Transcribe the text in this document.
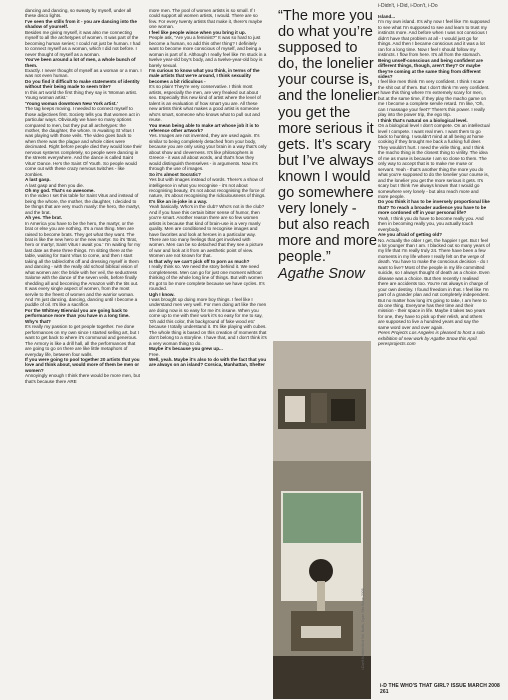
i-Didn't, i-Did, i-Don't, i-Do

dancing and dancing, so sweaty by myself, under all these disco lights.

I've seen the stills from it - you are dancing into the shadow of yourself.

Besides me giving myself, it was also me connecting myself to all the archetypes of women. It was part of the becoming human series; I could not just be human. I had to connect myself as a woman, which I did not before. I never thought of myself as a woman.

You've been around a lot of men, a whole bunch of them.

Exactly. I never thought of myself as a woman or a man. I was not even human.

Do you find it difficult to make statements of identity without their being made to seem trite?

In this art world the first thing they say is 'Woman artist. Young woman artist.'

'Young woman downtown New York artist.'

The tag keeps moving. I needed to connect myself to those adjectives first. Society tells you that women act in particular ways. Obviously we have so many options compared to men, but they put all archetypes: the mother, the daughter, the whore. In Awaiting St Vitus I was playing with those veils. The video goes back to when there was the plague and whole cities were decimated. Right before people died they would lose their nervous systems completely, so people were dancing in the streets everywhere. And the dance is called Saint Vitus' Dance. He's the Saint Of Youth. So people would come out with these crazy nervous twitches - like zombies.

A last gasp.

A last gasp and then you die.

Oh my god. That's so awesome.

In the video I set this table for Saint Vitus and instead of being the whore, the mother, the daughter, I decided to be things that are very much manly: the hero, the martyr, and the brat.

Ah yes. The brat.

In America you have to be the hero, the martyr, or the brat or else you are nothing. It's a man thing. Men are raised to become brats. They get what they want. The brat is like the new hero or the new martyr. So it's 'Brat, hero or martyr, Saint Vitus I await you.' I'm waiting for my last date as these three things. I'm sitting there at the table, waiting for Saint Vitus to come, and then I start taking all the tablecloths off and dressing myself in them and dancing - with the really old school biblical vision of what women are: the bride with her veil, the seductress Salome with the dance of the seven veils, before finally shedding all and becoming the Amazon with the tits out. It was every single aspect of women, from the most servile to the freest of women and the warrior woman. And I'm just dancing, dancing, dancing until I become a puddle of oil. It's like a sacrifice.

For the Whitney Biennial you are going back to performance more than you have in a long time. Why's that?

It's really my passion to get people together. I've done performances on my own since I started selling art, but I want to get back to where it's communal and generous. The Armory is like a drill hall, all the performances that are going to go on there are like little metaphors of everyday life, between four walls.

If you were going to pool together 20 artists that you love and think about, would more of them be men or women?

Annoyingly enough I think there would be more men, but that's because there ARE

more men. The pool of women artists is so small. If I could support all women artists, I would. There are so few. For every twenty artists that make it, there's maybe one woman.

I feel like people wince when you bring it up.

People ask, "Are you a feminist?" It was so hard to just become a human, so add this other thing? I definitely want to become more conscious of myself, and being a woman is part of it. Although I really feel like I'm stuck in a twelve year-old boy's body, and a twelve-year-old boy is barely sexual.

I'm curious to know what you think, in terms of the male artists that we're around, I think sexuality becomes a bit ridiculous -

It's so plain! They're very conservative. I think most artists, especially the men, are very freaked out about sex. Especially this new kind of artist where the level of talent is an evaluation of how smart you are. All these new artists think what makes a good artist is someone who's smart, someone who knows what to pull out and reuse.

You mean being able to make art whose job it is to reference other artwork?

Yes. Images are not invented, they are used again. It's similar to being completely detached from your body, because you are only using your brain in a way that's only about show and cleverness. It's like philosophers in Greece - it was all about words, and that's how they would distinguish themselves - in arguments. Now it's through the use of images.

So it's almost Socratic?

Yes but with images instead of words. There's a show of intelligence in what you recognise - it's not about recognising beauty, it's not about recognising the force of nature, it's about recognising the ridiculousness of things.

It's like an in-joke in a way.

Yeah basically. Who's in the club? Who's not in the club? And if you have this certain bitter sense of humor, then you're smart. Another reason there are so few women artists is because that kind of brain-use is a very manly quality. Men are conditioned to recognise images and have favorites and look at heroes in a particular way. There are too many feelings that get involved with women. Men can be so detached that they see a picture of war and look at it from an aesthetic point of view. Women are not known for that.

Is that why we can't pick off to porn as much?

I really think so. We need the story behind it. We need completeness. Men can go for just one moment without thinking of the whole long line of things. But with women it's got to be more complete because we have cycles. It's rounded.

Ugh I know.

I was brought up doing more boy things. I feel like I understand men very well. For men doing art like the men are doing now is so easy for me it's insane. When you come up to me with their work it's so easy for me to say, 'Oh add this color, this background of fake wood etc' because I totally understand it. It's like playing with cubes. The whole thing is based on this creation of moments that don't belong to a storyline. I have that, and I don't think it's a very woman thing to do.

Maybe it's because you grew up...

Free.

Well, yeah. Maybe it's also to do with the fact that you are always on an island? Corsica, Manhattan, Shelter

“The more you do what you’re supposed to do, the lonelier your course is, and the lonelier you get the more serious it gets. It’s scary but I’ve always known I would go somewhere very lonely - but also reach more and more people.”

Agathe Snow
i-Don't Knitted Bird Vol. Bolts, Cyan Sits Bone 2008

Island...

I'm my own island. It's why now I feel like I'm supposed to see what I'm supposed to see and learn to trust my instincts more. And before when I was not conscious I didn't have that problem at all - I would just go for things. And then I became conscious and it was a lot ran for a long time. Now I feel I should follow my instincts. I flow from here. It's all from the stomach.

Being unself-conscious and being confident are different things, though, aren't they? Or maybe they're coming at the same thing from different sides?

I feel like men think I'm very confident. I think I scare the shit out of them. But I don't think I'm very confident. I have this thing where I'm extremely scary for men, but at the same time, if they play the macho game on me I become a complete servile retard. I'm like, 'Oh, can I massage your feet?' There's this power. I really play into the power trip, the ego trip.

I think that's natural on a biological level.

On a biological level I don't compete. On an intellectual level I compete. I want real men. I want them to go back to hunting. I wouldn't mind at all being at home cooking if they brought me back a fucking full deer. They wouldn't hurt. I need the virile thing, and I think the macho thing is the closest thing to virility. The idea of me as muse is because I am so close to them. The only way to accept that is to make me muse or servant. Yeah - that's another thing the more you do what you're supposed to do the lonelier your course is, and the lonelier you get the more serious it gets. It's scary but I think I've always known that I would go somewhere very lonely - but also reach more and more people.

Do you think it has to be inversely proportional like that? To reach a broader audience you have to be more cordoned off in your personal life?

Yeah, I think you do have to become really you. And then in becoming really you, you actually touch everybody.

Are you afraid of getting old?

No. Actually the older I get, the happier I get. But I feel a lot younger than I am. I blacked out so many years of my life that I'm really truly 24. There have been a few moments in my life where I really felt on the verge of death. You have to make the conscious decision - do I want to live? Most of the people in my life committed suicide, so I always thought of death as a choice. Even disease was a choice. But then recently I realised there are accidents too. You're not always in charge of your own destiny. I found freedom in that. I feel like I'm part of a grander plan and not completely independent. But no matter how long it's going to take, I am here to do one thing. Everyone has their time and their mission - their space in life. Maybe it takes two years for one, they have to pick up their relish, and others are supposed to live a hundred years and say the same word over and over again.

Peres Projects Los Angeles is pleased to host a solo exhibition of new work by Agathe Snow this April. peresprojects.com

i-D THE WHO'S THAT GIRL? ISSUE MARCH 2008 261
